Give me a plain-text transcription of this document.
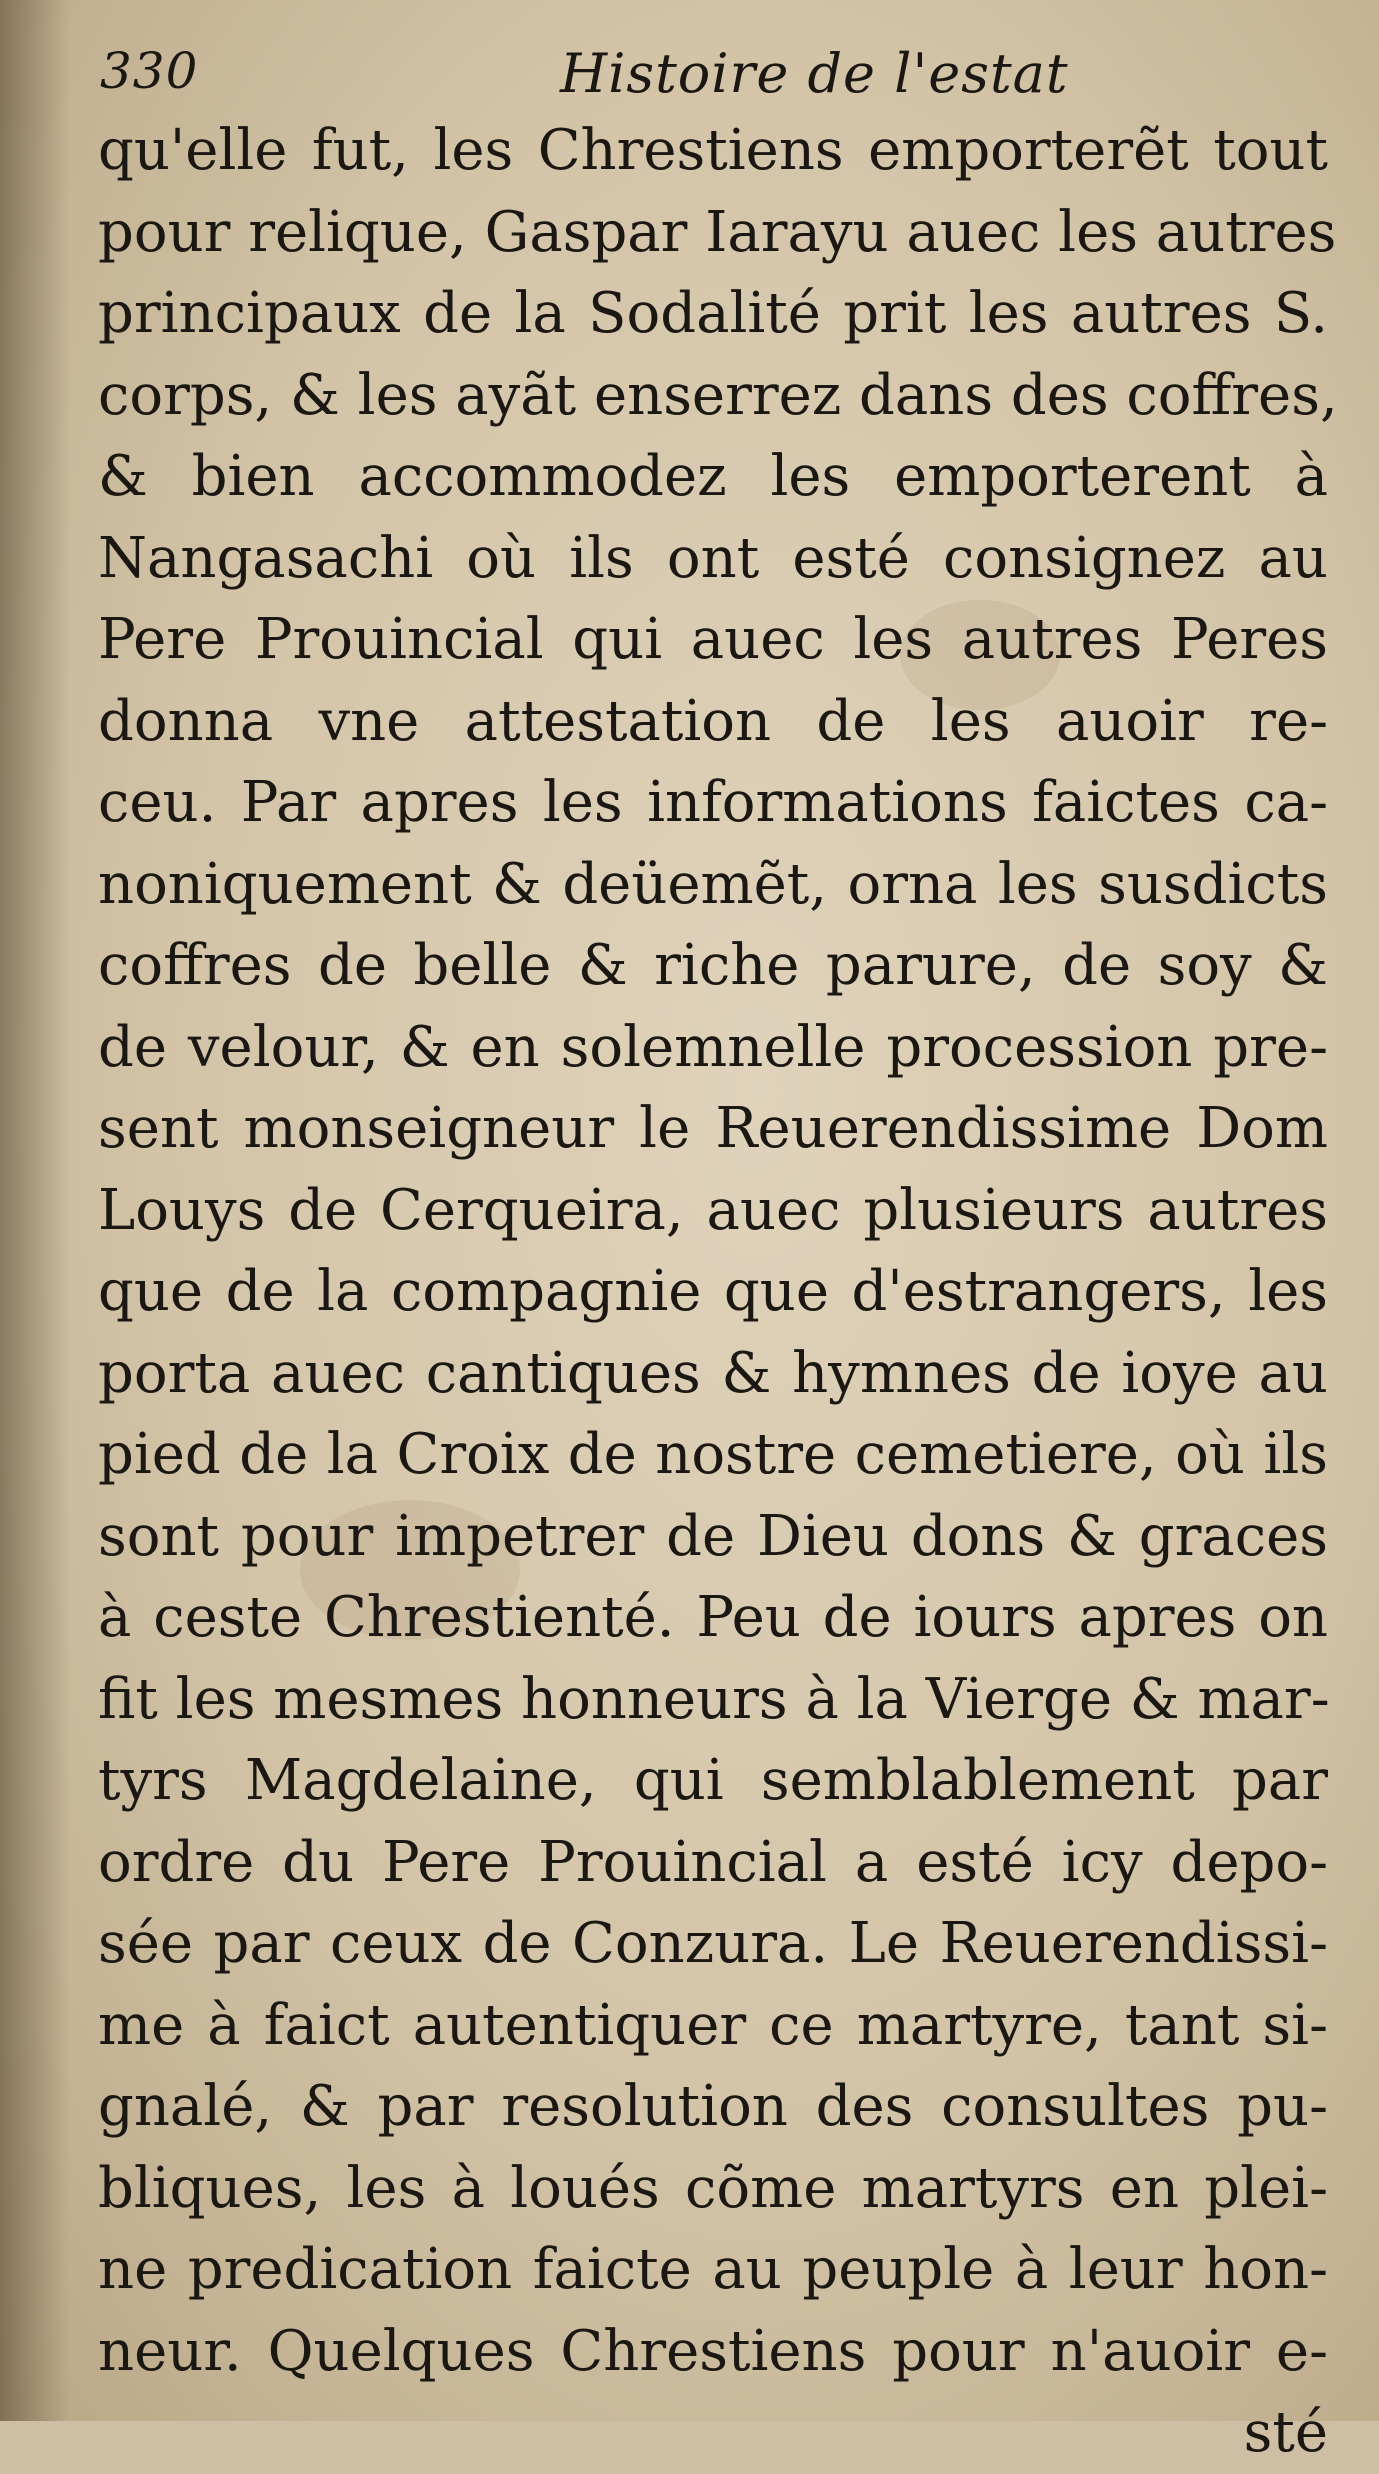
330	Histoire de l'estat
qu'elle fut, les Chrestiens emporterẽt tout
pour relique, Gaspar Iarayu auec les autres
principaux de la Sodalité prit les autres S.
corps, & les ayãt enserrez dans des coffres,
& bien accommodez les emporterent à
Nangasachi où ils ont esté consignez au
Pere Prouincial qui auec les autres Peres
donna vne attestation de les auoir re-
ceu. Par apres les informations faictes ca-
noniquement & deüemẽt, orna les susdicts
coffres de belle & riche parure, de soy &
de velour, & en solemnelle procession pre-
sent monseigneur le Reuerendissime Dom
Louys de Cerqueira, auec plusieurs autres
que de la compagnie que d'estrangers, les
porta auec cantiques & hymnes de ioye au
pied de la Croix de nostre cemetiere, où ils
sont pour impetrer de Dieu dons & graces
à ceste Chrestienté. Peu de iours apres on
fit les mesmes honneurs à la Vierge & mar-
tyrs Magdelaine, qui semblablement par
ordre du Pere Prouincial a esté icy depo-
sée par ceux de Conzura. Le Reuerendissi-
me à faict autentiquer ce martyre, tant si-
gnalé, & par resolution des consultes pu-
bliques, les à loués cõme martyrs en plei-
ne predication faicte au peuple à leur hon-
neur. Quelques Chrestiens pour n'auoir e-
sté
